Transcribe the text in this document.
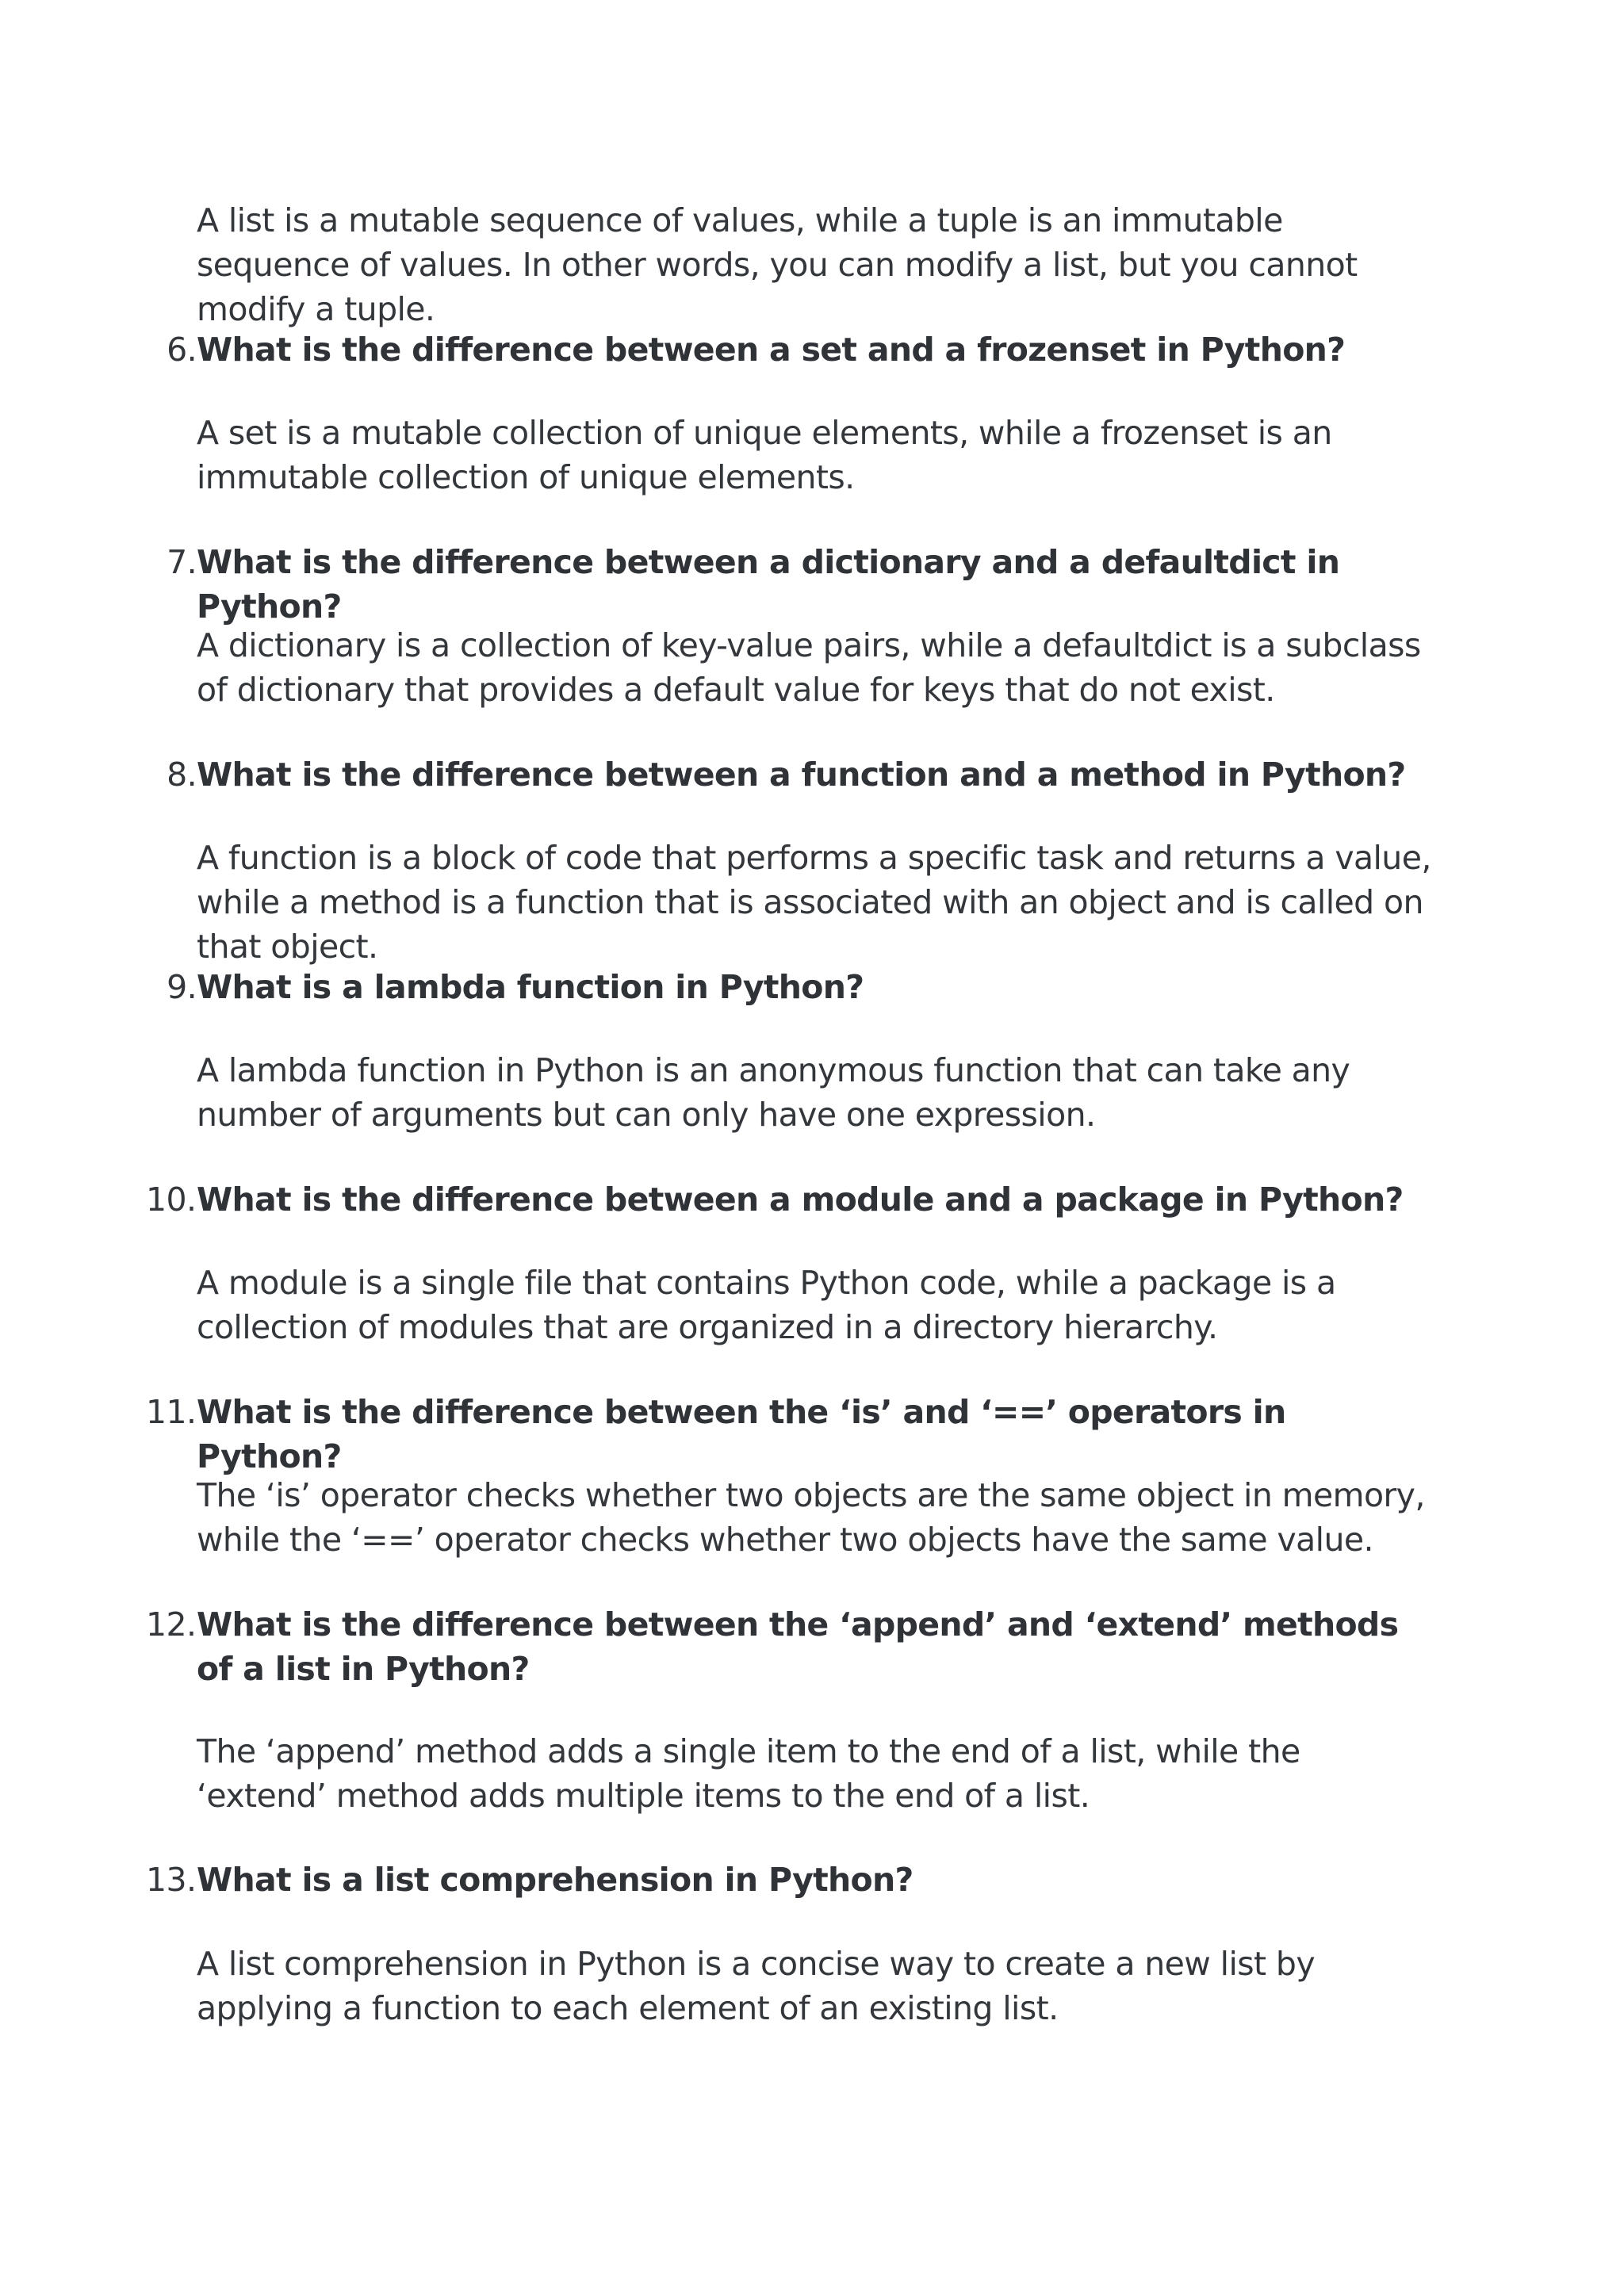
A list is a mutable sequence of values, while a tuple is an immutable sequence of values. In other words, you can modify a list, but you cannot modify a tuple.
6. What is the difference between a set and a frozenset in Python?
A set is a mutable collection of unique elements, while a frozenset is an immutable collection of unique elements.
7. What is the difference between a dictionary and a defaultdict in Python?
A dictionary is a collection of key-value pairs, while a defaultdict is a subclass of dictionary that provides a default value for keys that do not exist.
8. What is the difference between a function and a method in Python?
A function is a block of code that performs a specific task and returns a value, while a method is a function that is associated with an object and is called on that object.
9. What is a lambda function in Python?
A lambda function in Python is an anonymous function that can take any number of arguments but can only have one expression.
10. What is the difference between a module and a package in Python?
A module is a single file that contains Python code, while a package is a collection of modules that are organized in a directory hierarchy.
11. What is the difference between the ‘is’ and ‘==’ operators in Python?
The ‘is’ operator checks whether two objects are the same object in memory, while the ‘==’ operator checks whether two objects have the same value.
12. What is the difference between the ‘append’ and ‘extend’ methods of a list in Python?
The ‘append’ method adds a single item to the end of a list, while the ‘extend’ method adds multiple items to the end of a list.
13. What is a list comprehension in Python?
A list comprehension in Python is a concise way to create a new list by applying a function to each element of an existing list.
